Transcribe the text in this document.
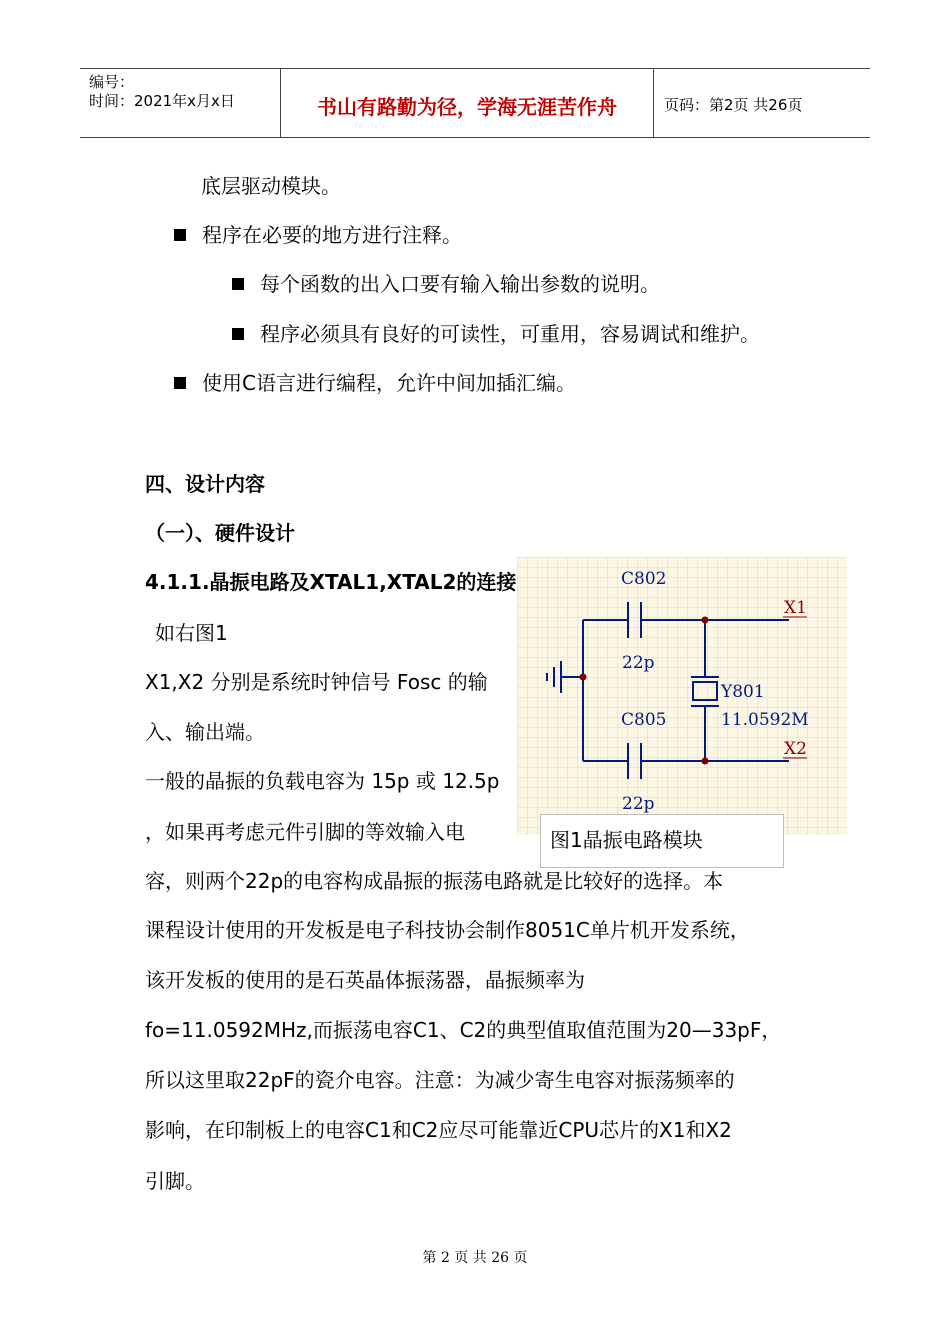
编号：
时间：2021年x月x日	书山有路勤为径，学海无涯苦作舟	页码：第2页 共26页
底层驱动模块。
程序在必要的地方进行注释。
每个函数的出入口要有输入输出参数的说明。
程序必须具有良好的可读性，可重用，容易调试和维护。
使用C语言进行编程，允许中间加插汇编。
四、设计内容
（一）、硬件设计
4.1.1.晶振电路及XTAL1,XTAL2的连接
如右图1
X1,X2 分别是系统时钟信号 Fosc 的输
入、输出端。
一般的晶振的负载电容为 15p 或 12.5p
，如果再考虑元件引脚的等效输入电
容，则两个22p的电容构成晶振的振荡电路就是比较好的选择。本
课程设计使用的开发板是电子科技协会制作8051C单片机开发系统，
该开发板的使用的是石英晶体振荡器，晶振频率为
fo=11.0592MHz,而振荡电容C1、C2的典型值取值范围为20—33pF，
所以这里取22pF的瓷介电容。注意：为减少寄生电容对振荡频率的
影响，在印制板上的电容C1和C2应尽可能靠近CPU芯片的X1和X2
引脚。
C802
22p
C805
22p
Y801
11.0592M
X1
X2
图1晶振电路模块
第 2 页 共 26 页
